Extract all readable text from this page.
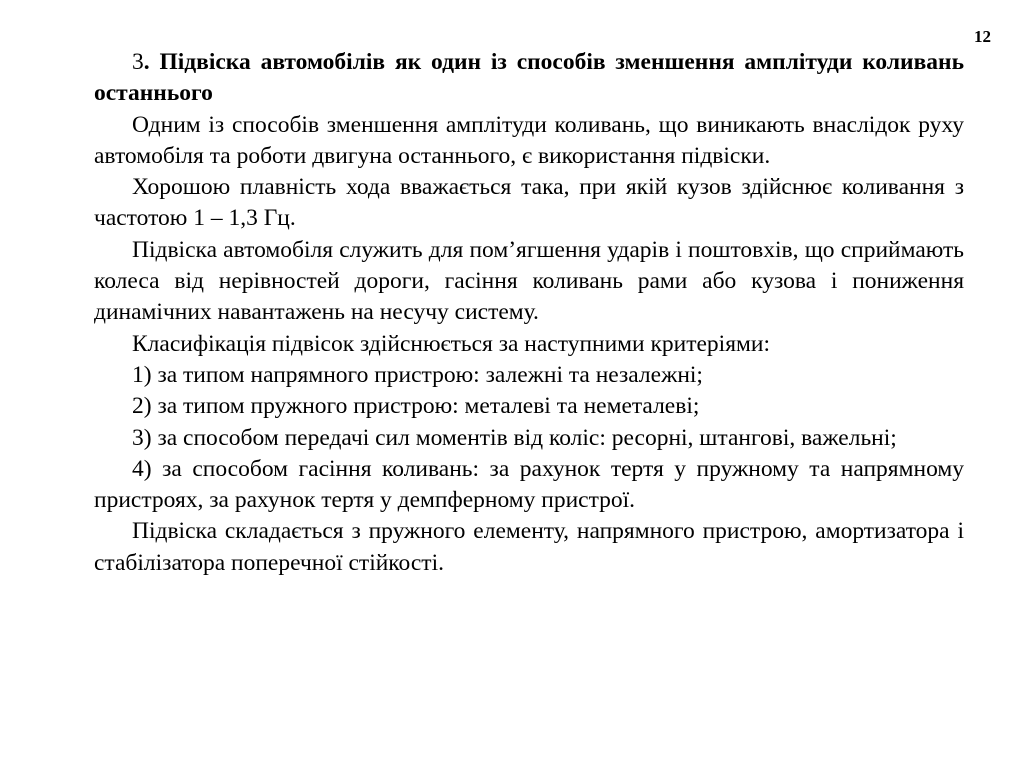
12

3. Підвіска автомобілів як один із способів зменшення амплітуди коливань останнього

Одним із способів зменшення амплітуди коливань, що виникають внаслідок руху автомобіля та роботи двигуна останнього, є використання підвіски.

Хорошою плавність хода вважається така, при якій кузов здійснює коливання з частотою 1 – 1,3 Гц.

Підвіска автомобіля служить для пом’ягшення ударів і поштовхів, що сприймають колеса від нерівностей дороги, гасіння коливань рами або кузова і пониження динамічних навантажень на несучу систему.

Класифікація підвісок здійснюється за наступними критеріями:

1) за типом напрямного пристрою: залежні та незалежні;

2) за типом пружного пристрою: металеві та неметалеві;

3) за способом передачі сил моментів від коліс: ресорні, штангові, важельні;

4) за способом гасіння коливань: за рахунок тертя у пружному та напрямному пристроях, за рахунок тертя у демпферному пристрої.

Підвіска складається з пружного елементу, напрямного пристрою, амортизатора і стабілізатора поперечної стійкості.
